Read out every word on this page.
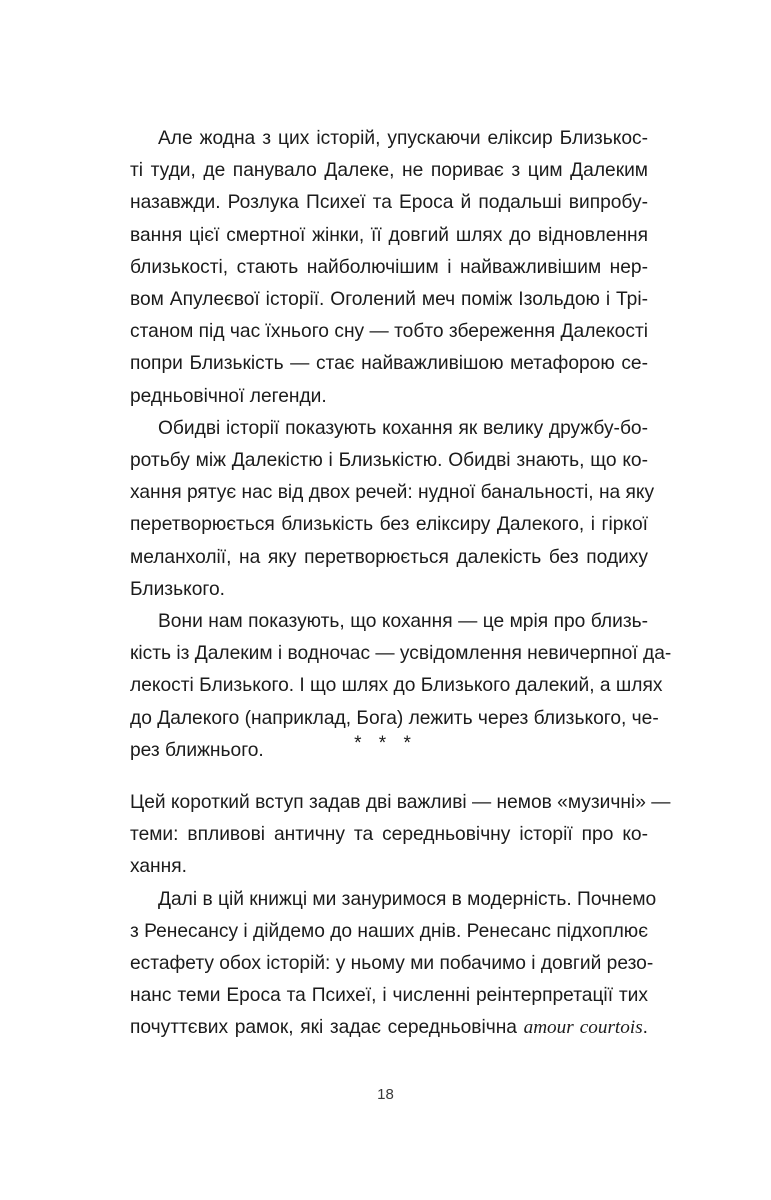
Але жодна з цих історій, упускаючи еліксир Близькос-
ті туди, де панувало Далеке, не пориває з цим Далеким
назавжди. Розлука Психеї та Ероса й подальші випробу-
вання цієї смертної жінки, її довгий шлях до відновлення
близькості, стають найболючішим і найважливішим нер-
вом Апулеєвої історії. Оголений меч поміж Ізольдою і Трі-
станом під час їхнього сну — тобто збереження Далекості
попри Близькість — стає найважливішою метафорою се-
редньовічної легенди.
Обидві історії показують кохання як велику дружбу-бо-
ротьбу між Далекістю і Близькістю. Обидві знають, що ко-
хання рятує нас від двох речей: нудної банальності, на яку
перетворюється близькість без еліксиру Далекого, і гіркої
меланхолії, на яку перетворюється далекість без подиху
Близького.
Вони нам показують, що кохання — це мрія про близь-
кість із Далеким і водночас — усвідомлення невичерпної да-
лекості Близького. І що шлях до Близького далекий, а шлях
до Далекого (наприклад, Бога) лежить через близького, че-
рез ближнього.	* * *
Цей короткий вступ задав дві важливі — немов «музичні» —
теми: впливові античну та середньовічну історії про ко-
хання.
Далі в цій книжці ми зануримося в модерність. Почнемо
з Ренесансу і дійдемо до наших днів. Ренесанс підхоплює
естафету обох історій: у ньому ми побачимо і довгий резо-
нанс теми Ероса та Психеї, і численні реінтерпретації тих
почуттєвих рамок, які задає середньовічна amour courtois.
18
